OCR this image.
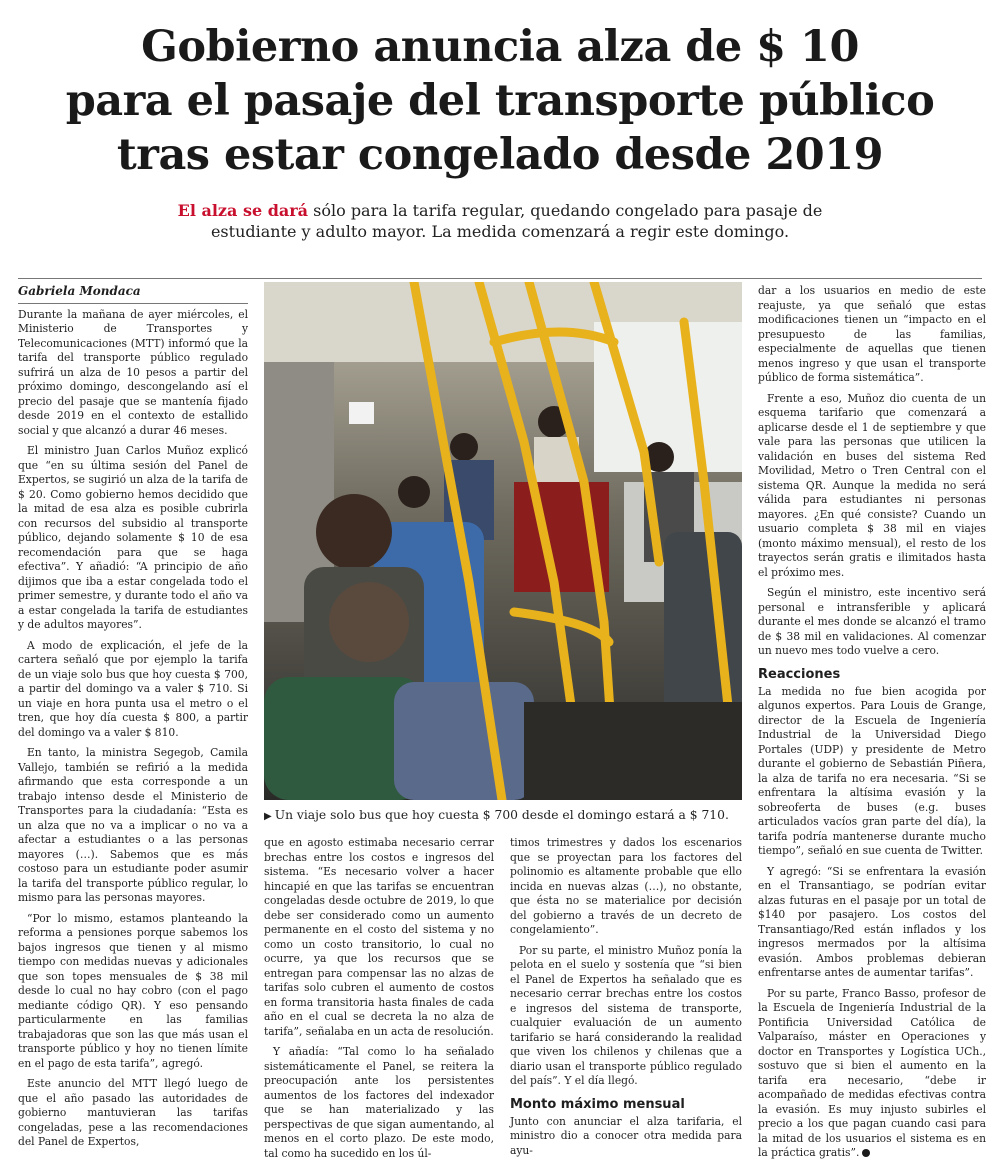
Gobierno anuncia alza de $ 10
para el pasaje del transporte público
tras estar congelado desde 2019

El alza se dará sólo para la tarifa regular, quedando congelado para pasaje de estudiante y adulto mayor. La medida comenzará a regir este domingo.

Gabriela Mondaca

Durante la mañana de ayer miércoles, el Ministerio de Transportes y Telecomunicaciones (MTT) informó que la tarifa del transporte público regulado sufrirá un alza de 10 pesos a partir del próximo domingo, descongelando así el precio del pasaje que se mantenía fijado desde 2019 en el contexto de estallido social y que alcanzó a durar 46 meses.

El ministro Juan Carlos Muñoz explicó que “en su última sesión del Panel de Expertos, se sugirió un alza de la tarifa de $ 20. Como gobierno hemos decidido que la mitad de esa alza es posible cubrirla con recursos del subsidio al transporte público, dejando solamente $ 10 de esa recomendación para que se haga efectiva”. Y añadió: “A principio de año dijimos que iba a estar congelada todo el primer semestre, y durante todo el año va a estar congelada la tarifa de estudiantes y de adultos mayores”.

A modo de explicación, el jefe de la cartera señaló que por ejemplo la tarifa de un viaje solo bus que hoy cuesta $ 700, a partir del domingo va a valer $ 710. Si un viaje en hora punta usa el metro o el tren, que hoy día cuesta $ 800, a partir del domingo va a valer $ 810.

En tanto, la ministra Segegob, Camila Vallejo, también se refirió a la medida afirmando que esta corresponde a un trabajo intenso desde el Ministerio de Transportes para la ciudadanía: “Esta es un alza que no va a implicar o no va a afectar a estudiantes o a las personas mayores (…). Sabemos que es más costoso para un estudiante poder asumir la tarifa del transporte público regular, lo mismo para las personas mayores.

“Por lo mismo, estamos planteando la reforma a pensiones porque sabemos los bajos ingresos que tienen y al mismo tiempo con medidas nuevas y adicionales que son topes mensuales de $ 38 mil desde lo cual no hay cobro (con el pago mediante código QR). Y eso pensando particularmente en las familias trabajadoras que son las que más usan el transporte público y hoy no tienen límite en el pago de esta tarifa”, agregó.

Este anuncio del MTT llegó luego de que el año pasado las autoridades de gobierno mantuvieran las tarifas congeladas, pese a las recomendaciones del Panel de Expertos,

▶ Un viaje solo bus que hoy cuesta $ 700 desde el domingo estará a $ 710.

que en agosto estimaba necesario cerrar brechas entre los costos e ingresos del sistema. “Es necesario volver a hacer hincapié en que las tarifas se encuentran congeladas desde octubre de 2019, lo que debe ser considerado como un aumento permanente en el costo del sistema y no como un costo transitorio, lo cual no ocurre, ya que los recursos que se entregan para compensar las no alzas de tarifas solo cubren el aumento de costos en forma transitoria hasta finales de cada año en el cual se decreta la no alza de tarifa”, señalaba en un acta de resolución.

Y añadía: “Tal como lo ha señalado sistemáticamente el Panel, se reitera la preocupación ante los persistentes aumentos de los factores del indexador que se han materializado y las perspectivas de que sigan aumentando, al menos en el corto plazo. De este modo, tal como ha sucedido en los úl-

timos trimestres y dados los escenarios que se proyectan para los factores del polinomio es altamente probable que ello incida en nuevas alzas (…), no obstante, que ésta no se materialice por decisión del gobierno a través de un decreto de congelamiento”.

Por su parte, el ministro Muñoz ponía la pelota en el suelo y sostenía que “si bien el Panel de Expertos ha señalado que es necesario cerrar brechas entre los costos e ingresos del sistema de transporte, cualquier evaluación de un aumento tarifario se hará considerando la realidad que viven los chilenos y chilenas que a diario usan el transporte público regulado del país”. Y el día llegó.

Monto máximo mensual

Junto con anunciar el alza tarifaria, el ministro dio a conocer otra medida para ayu-

dar a los usuarios en medio de este reajuste, ya que señaló que estas modificaciones tienen un “impacto en el presupuesto de las familias, especialmente de aquellas que tienen menos ingreso y que usan el transporte público de forma sistemática”.

Frente a eso, Muñoz dio cuenta de un esquema tarifario que comenzará a aplicarse desde el 1 de septiembre y que vale para las personas que utilicen la validación en buses del sistema Red Movilidad, Metro o Tren Central con el sistema QR. Aunque la medida no será válida para estudiantes ni personas mayores. ¿En qué consiste? Cuando un usuario completa $ 38 mil en viajes (monto máximo mensual), el resto de los trayectos serán gratis e ilimitados hasta el próximo mes.

Según el ministro, este incentivo será personal e intransferible y aplicará durante el mes donde se alcanzó el tramo de $ 38 mil en validaciones. Al comenzar un nuevo mes todo vuelve a cero.

Reacciones

La medida no fue bien acogida por algunos expertos. Para Louis de Grange, director de la Escuela de Ingeniería Industrial de la Universidad Diego Portales (UDP) y presidente de Metro durante el gobierno de Sebastián Piñera, la alza de tarifa no era necesaria. “Si se enfrentara la altísima evasión y la sobreoferta de buses (e.g. buses articulados vacíos gran parte del día), la tarifa podría mantenerse durante mucho tiempo”, señaló en sue cuenta de Twitter.

Y agregó: “Si se enfrentara la evasión en el Transantiago, se podrían evitar alzas futuras en el pasaje por un total de $140 por pasajero. Los costos del Transantiago/Red están inflados y los ingresos mermados por la altísima evasión. Ambos problemas debieran enfrentarse antes de aumentar tarifas”.

Por su parte, Franco Basso, profesor de la Escuela de Ingeniería Industrial de la Pontificia Universidad Católica de Valparaíso, máster en Operaciones y doctor en Transportes y Logística UCh., sostuvo que si bien el aumento en la tarifa era necesario, “debe ir acompañado de medidas efectivas contra la evasión. Es muy injusto subirles el precio a los que pagan cuando casi para la mitad de los usuarios el sistema es en la práctica gratis”.
